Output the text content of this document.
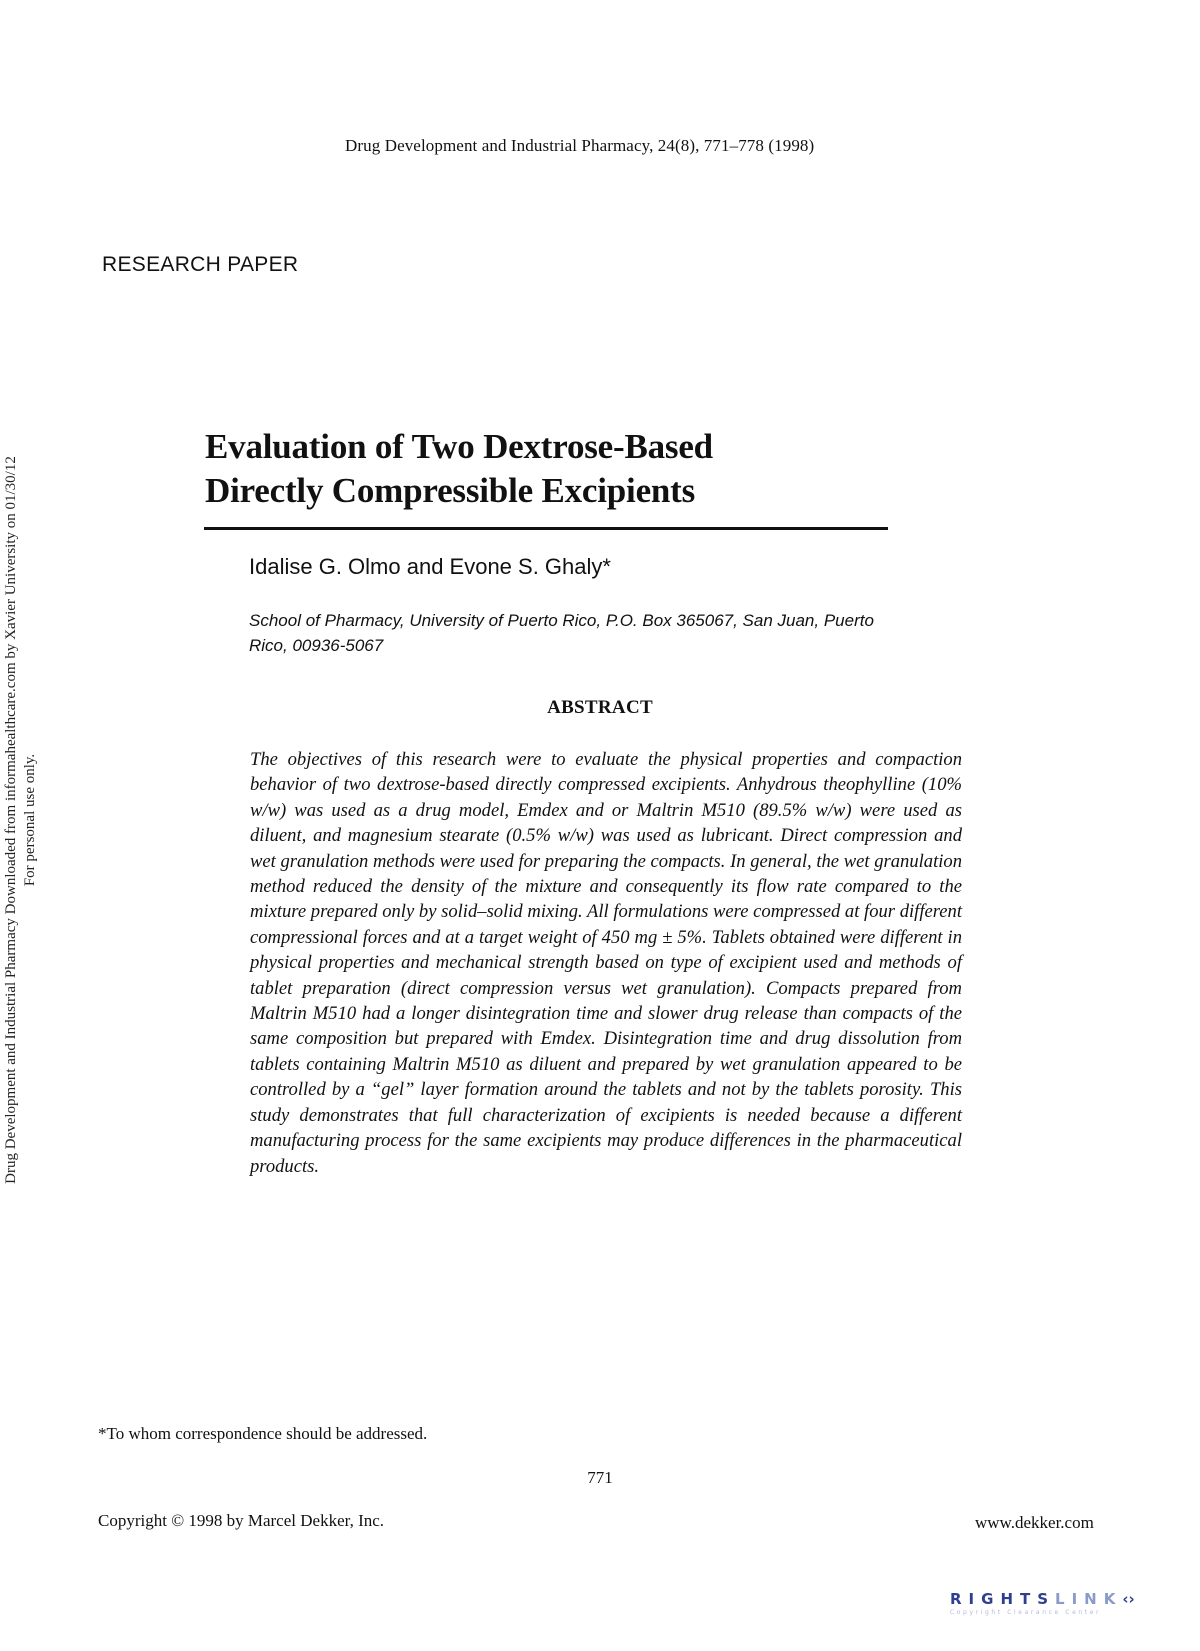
Drug Development and Industrial Pharmacy, 24(8), 771–778 (1998)
RESEARCH PAPER
Drug Development and Industrial Pharmacy Downloaded from informahealthcare.com by Xavier University on 01/30/12 For personal use only.
Evaluation of Two Dextrose-Based
Directly Compressible Excipients
Idalise G. Olmo and Evone S. Ghaly*
School of Pharmacy, University of Puerto Rico, P.O. Box 365067, San Juan, Puerto Rico, 00936-5067
ABSTRACT
The objectives of this research were to evaluate the physical properties and compaction behavior of two dextrose-based directly compressed excipients. Anhydrous theophylline (10% w/w) was used as a drug model, Emdex and or Maltrin M510 (89.5% w/w) were used as diluent, and magnesium stearate (0.5% w/w) was used as lubricant. Direct compression and wet granulation methods were used for preparing the compacts. In general, the wet granulation method reduced the density of the mixture and consequently its flow rate compared to the mixture prepared only by solid–solid mixing. All formulations were compressed at four different compressional forces and at a target weight of 450 mg ± 5%. Tablets obtained were different in physical properties and mechanical strength based on type of excipient used and methods of tablet preparation (direct compression versus wet granulation). Compacts prepared from Maltrin M510 had a longer disintegration time and slower drug release than compacts of the same composition but prepared with Emdex. Disintegration time and drug dissolution from tablets containing Maltrin M510 as diluent and prepared by wet granulation appeared to be controlled by a “gel” layer formation around the tablets and not by the tablets porosity. This study demonstrates that full characterization of excipients is needed because a different manufacturing process for the same excipients may produce differences in the pharmaceutical products.
*To whom correspondence should be addressed.
771
Copyright © 1998 by Marcel Dekker, Inc.	www.dekker.com
RIGHTSLINK‹›
Copyright Clearance Center
